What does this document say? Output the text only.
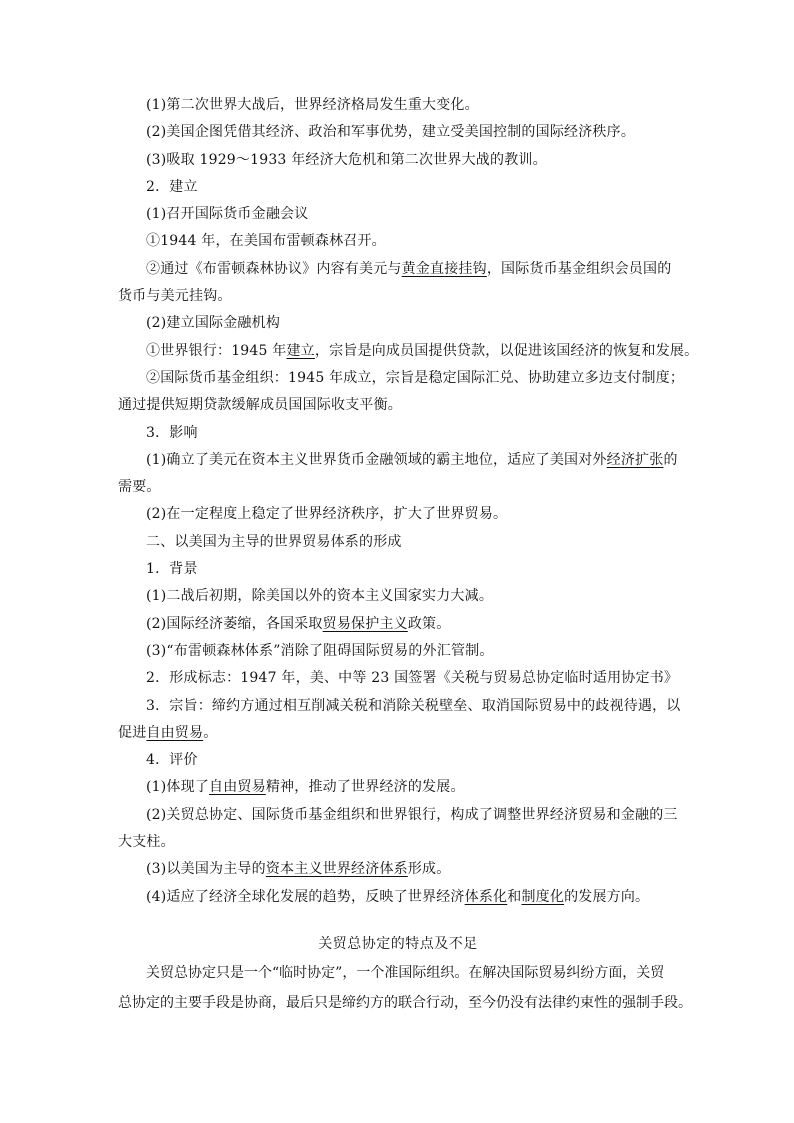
(1)第二次世界大战后，世界经济格局发生重大变化。
(2)美国企图凭借其经济、政治和军事优势，建立受美国控制的国际经济秩序。
(3)吸取 1929～1933 年经济大危机和第二次世界大战的教训。
2．建立
(1)召开国际货币金融会议
①1944 年，在美国布雷顿森林召开。
②通过《布雷顿森林协议》内容有美元与黄金直接挂钩，国际货币基金组织会员国的
货币与美元挂钩。
(2)建立国际金融机构
①世界银行：1945 年建立，宗旨是向成员国提供贷款，以促进该国经济的恢复和发展。
②国际货币基金组织：1945 年成立，宗旨是稳定国际汇兑、协助建立多边支付制度；
通过提供短期贷款缓解成员国国际收支平衡。
3．影响
(1)确立了美元在资本主义世界货币金融领域的霸主地位，适应了美国对外经济扩张的
需要。
(2)在一定程度上稳定了世界经济秩序，扩大了世界贸易。
二、以美国为主导的世界贸易体系的形成
1．背景
(1)二战后初期，除美国以外的资本主义国家实力大减。
(2)国际经济萎缩，各国采取贸易保护主义政策。
(3)“布雷顿森林体系”消除了阻碍国际贸易的外汇管制。
2．形成标志：1947 年，美、中等 23 国签署《关税与贸易总协定临时适用协定书》
3．宗旨：缔约方通过相互削减关税和消除关税壁垒、取消国际贸易中的歧视待遇，以
促进自由贸易。
4．评价
(1)体现了自由贸易精神，推动了世界经济的发展。
(2)关贸总协定、国际货币基金组织和世界银行，构成了调整世界经济贸易和金融的三
大支柱。
(3)以美国为主导的资本主义世界经济体系形成。
(4)适应了经济全球化发展的趋势，反映了世界经济体系化和制度化的发展方向。
关贸总协定的特点及不足
关贸总协定只是一个“临时协定”，一个准国际组织。在解决国际贸易纠纷方面，关贸
总协定的主要手段是协商，最后只是缔约方的联合行动，至今仍没有法律约束性的强制手段。
